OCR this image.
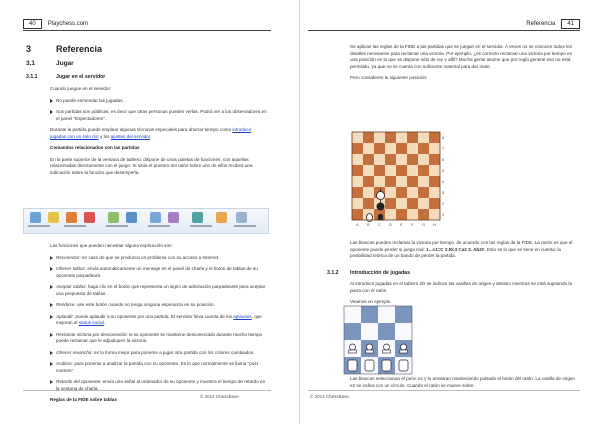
40 Playchess.com
3	Referencia
3.1	Jugar
3.1.1	Jugar en el servidor

Cuando juegue en el servidor:

No puede enmendar las jugadas.
Sus partidas son públicas, es decir que otras personas pueden verlas. Podrá ver a los observadores en el panel "Espectadores".

Durante la partida puede emplear algunas técnicas especiales para ahorrar tiempo como introducir jugadas con un solo clic y los ajustes del servidor.

Comandos relacionados con las partidas

En la parte superior de la ventana de tablero, dispone de unas paletas de funciones, con aquellas relacionadas directamente con el juego. Si sitúa el puntero del ratón sobre uno de ellos recibirá una indicación sobre la función que desempeña.

Las funciones que pueden necesitar alguna explicación son:

Reconectar: en caso de que se produzca un problema con su acceso a Internet.
Ofrecer tablas: envía automáticamente un mensaje en el panel de charla y el botón de tablas de su oponente parpadeará.
Aceptar tablas: haga clic en el botón que representa un signo de admiración parpadeante para aceptar una propuesta de tablas.
Rendirse: use este botón cuando no tenga ninguna esperanza en su posición.
Aplaudir: puede aplaudir a su oponente por una partida. El servidor lleva cuenta de los aplausos, que mejoran el status social.
Reclamar victoria por desconexión: si su oponente se mantiene desconectado durante mucho tiempo puede reclamar que le adjudiquen la victoria.
Ofrecer revancha: es la forma mejor para ponerse a jugar otra partida con los colores cambiados.
Análisis: para ponerse a analizar la partida con su oponente. Es lo que normalmente se llama "post mortem".
Retardo del oponente: envía una señal al ordenador de su oponente y muestra el tiempo de retardo en la ventana de charla.

Reglas de la FIDE sobre tablas

© 2014 ChessBase
Referencia 41

Se aplican las reglas de la FIDE a las partidas que se juegan en el servidor. A veces no se conocen todos los detalles necesarios para reclamar una victoria. Por ejemplo, ¿es correcto reclamar una victoria por tiempo en una posición en la que se dispone sólo de rey y alfil? Mucha gente asume que por regla general eso no está permitido, ya que no se cuenta con suficiente material para dar mate.

Pero consideren la siguiente posición:

Las blancas pueden reclamar la victoria por tiempo, de acuerdo con las reglas de la FIDE. La razón es que el oponente puede perder si juega mal: 1...c1=C 2.Rc3 Ca2 3. Ab2#. Esto es lo que se tiene en cuenta: la posibilidad teórica de un bando de perder la partida.

3.1.2 Introducción de jugadas

Al introducir jugadas en el tablero 2D se indican las casillas de origen y destino mientras se está sujetando la pieza con el ratón.

Veamos un ejemplo.

Las blancas seleccionan el peón e2 y lo arrastran manteniendo pulsado el botón del ratón. La casilla de origen e2 se indica con un círculo. Cuando el ratón se mueve sobre

© 2014 ChessBase
8
7
6
5
4
3
2
1
A B C D E F G H
